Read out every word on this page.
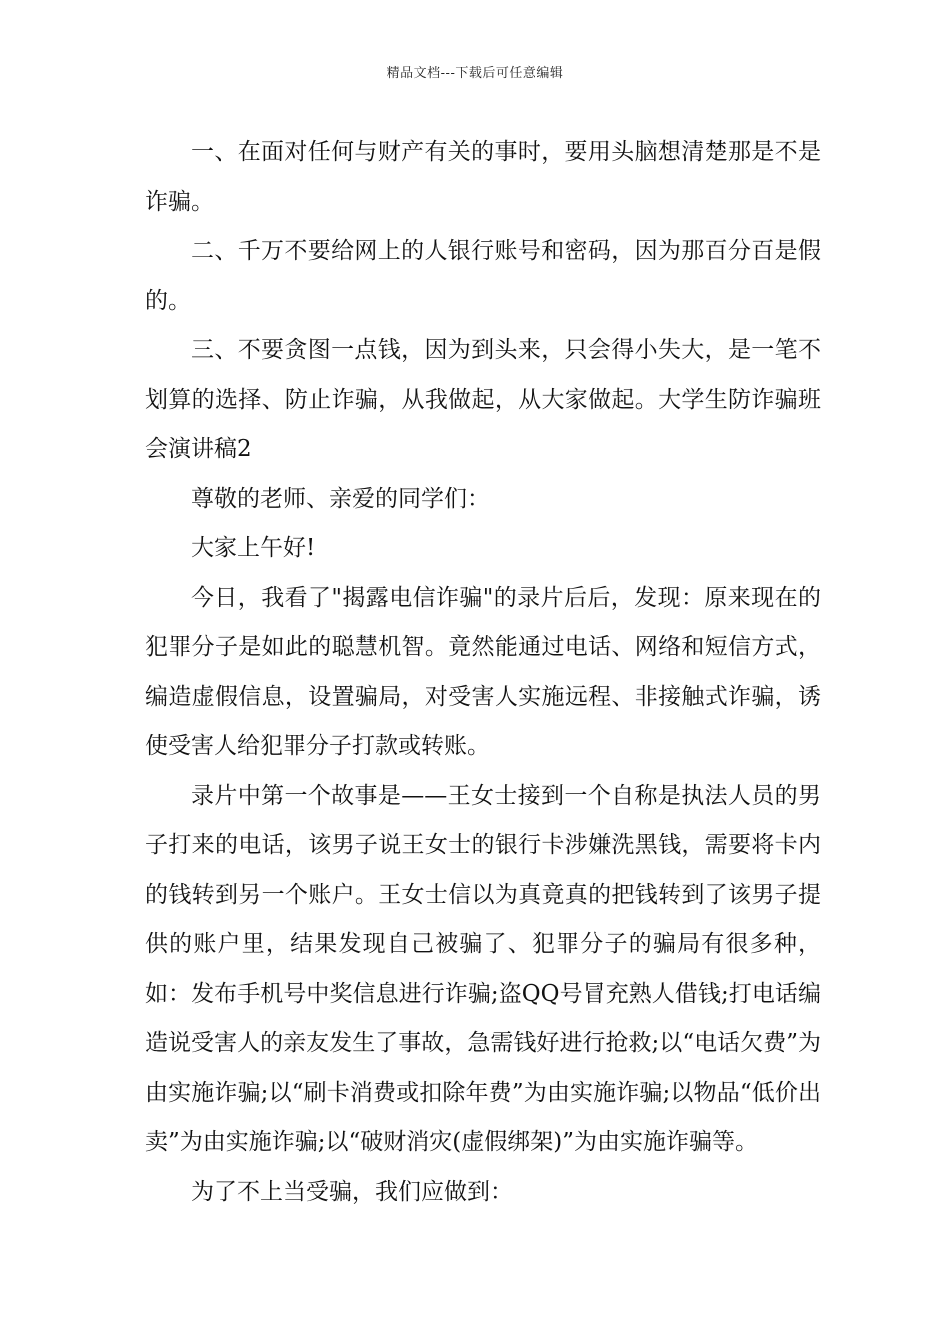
精品文档---下载后可任意编辑

一、在面对任何与财产有关的事时，要用头脑想清楚那是不是诈骗。

二、千万不要给网上的人银行账号和密码，因为那百分百是假的。

三、不要贪图一点钱，因为到头来，只会得小失大，是一笔不划算的选择、防止诈骗，从我做起，从大家做起。大学生防诈骗班会演讲稿2

尊敬的老师、亲爱的同学们：

大家上午好!

今日，我看了"揭露电信诈骗"的录片后后，发现：原来现在的犯罪分子是如此的聪慧机智。竟然能通过电话、网络和短信方式，编造虚假信息，设置骗局，对受害人实施远程、非接触式诈骗，诱使受害人给犯罪分子打款或转账。

录片中第一个故事是——王女士接到一个自称是执法人员的男子打来的电话，该男子说王女士的银行卡涉嫌洗黑钱，需要将卡内的钱转到另一个账户。王女士信以为真竟真的把钱转到了该男子提供的账户里，结果发现自己被骗了、犯罪分子的骗局有很多种，如：发布手机号中奖信息进行诈骗;盗QQ号冒充熟人借钱;打电话编造说受害人的亲友发生了事故，急需钱好进行抢救;以“电话欠费”为由实施诈骗;以“刷卡消费或扣除年费”为由实施诈骗;以物品“低价出卖”为由实施诈骗;以“破财消灾(虚假绑架)”为由实施诈骗等。

为了不上当受骗，我们应做到：
